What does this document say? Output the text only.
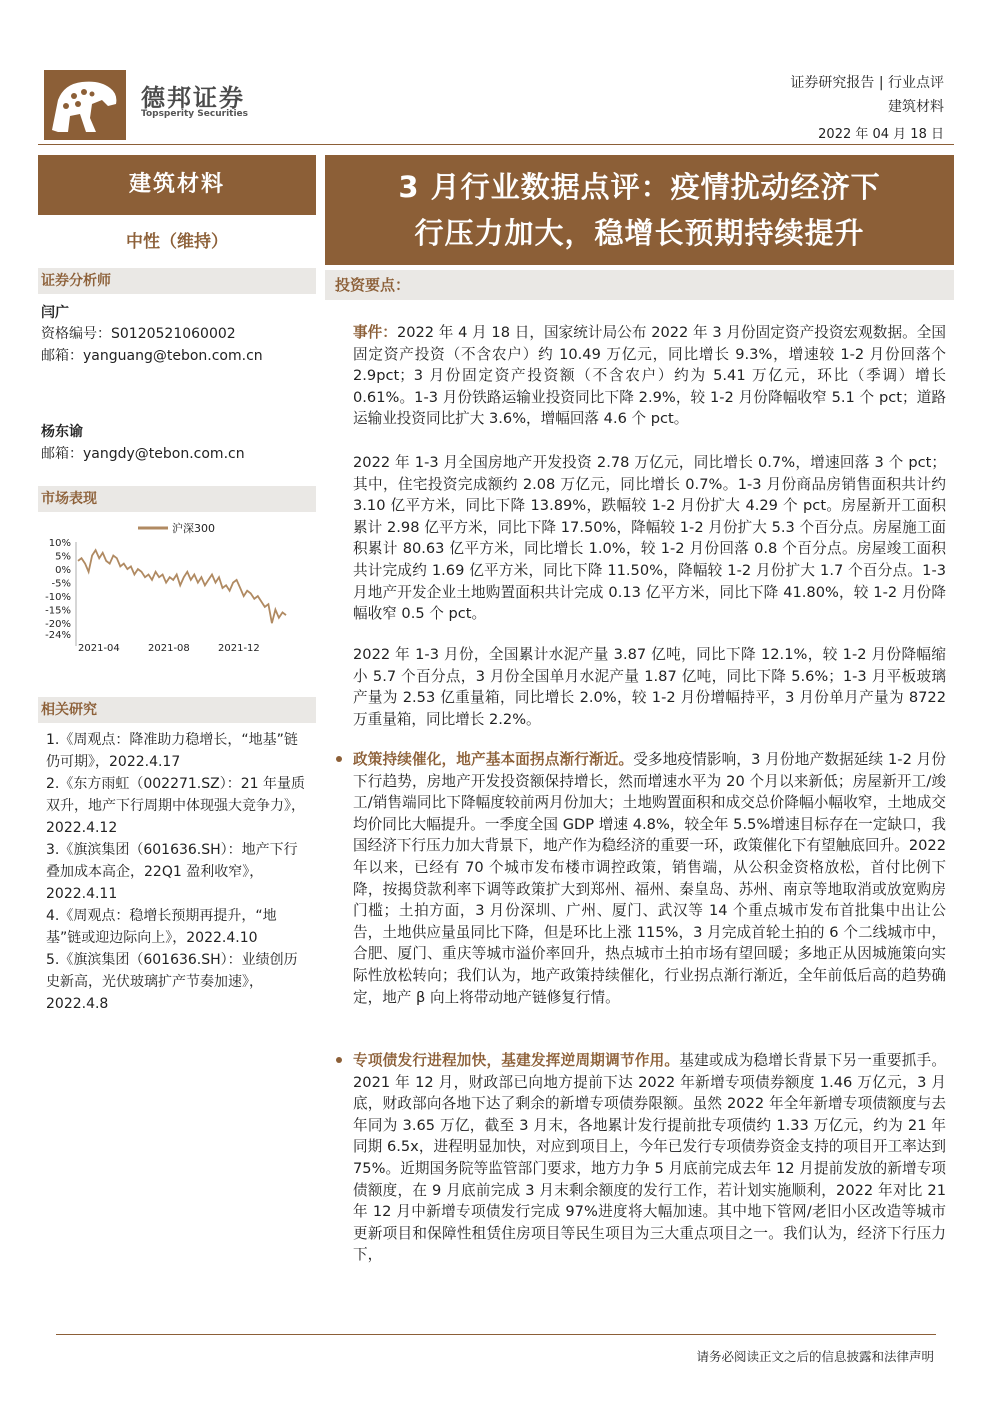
德邦证券
Topsperity Securities
证券研究报告 | 行业点评
建筑材料
2022 年 04 月 18 日
建筑材料
中性（维持）
证券分析师
闫广
资格编号：S0120521060002
邮箱：yanguang@tebon.com.cn
杨东谕
邮箱：yangdy@tebon.com.cn
市场表现
沪深300
10%
5%
0%
-5%
-10%
-15%
-20%
-24%
2021-04	2021-08	2021-12
相关研究
1.《周观点：降准助力稳增长，“地基”链仍可期》，2022.4.17
2.《东方雨虹（002271.SZ）：21 年量质双升，地产下行周期中体现强大竞争力》，2022.4.12
3.《旗滨集团（601636.SH）：地产下行叠加成本高企，22Q1 盈利收窄》，2022.4.11
4.《周观点：稳增长预期再提升，“地基”链或迎边际向上》，2022.4.10
5.《旗滨集团（601636.SH）：业绩创历史新高，光伏玻璃扩产节奏加速》，2022.4.8
3 月行业数据点评：疫情扰动经济下
行压力加大，稳增长预期持续提升
投资要点：
事件：2022 年 4 月 18 日，国家统计局公布 2022 年 3 月份固定资产投资宏观数据。全国固定资产投资（不含农户）约 10.49 万亿元，同比增长 9.3%，增速较 1-2 月份回落个 2.9pct；3 月份固定资产投资额（不含农户）约为 5.41 万亿元，环比（季调）增长 0.61%。1-3 月份铁路运输业投资同比下降 2.9%，较 1-2 月份降幅收窄 5.1 个 pct；道路运输业投资同比扩大 3.6%，增幅回落 4.6 个 pct。
2022 年 1-3 月全国房地产开发投资 2.78 万亿元，同比增长 0.7%，增速回落 3 个 pct；其中，住宅投资完成额约 2.08 万亿元，同比增长 0.7%。1-3 月份商品房销售面积共计约 3.10 亿平方米，同比下降 13.89%，跌幅较 1-2 月份扩大 4.29 个 pct。房屋新开工面积累计 2.98 亿平方米，同比下降 17.50%，降幅较 1-2 月份扩大 5.3 个百分点。房屋施工面积累计 80.63 亿平方米，同比增长 1.0%，较 1-2 月份回落 0.8 个百分点。房屋竣工面积共计完成约 1.69 亿平方米，同比下降 11.50%，降幅较 1-2 月份扩大 1.7 个百分点。1-3 月地产开发企业土地购置面积共计完成 0.13 亿平方米，同比下降 41.80%，较 1-2 月份降幅收窄 0.5 个 pct。
2022 年 1-3 月份，全国累计水泥产量 3.87 亿吨，同比下降 12.1%，较 1-2 月份降幅缩小 5.7 个百分点，3 月份全国单月水泥产量 1.87 亿吨，同比下降 5.6%；1-3 月平板玻璃产量为 2.53 亿重量箱，同比增长 2.0%，较 1-2 月份增幅持平，3 月份单月产量为 8722 万重量箱，同比增长 2.2%。
政策持续催化，地产基本面拐点渐行渐近。受多地疫情影响，3 月份地产数据延续 1-2 月份下行趋势，房地产开发投资额保持增长，然而增速水平为 20 个月以来新低；房屋新开工/竣工/销售端同比下降幅度较前两月份加大；土地购置面积和成交总价降幅小幅收窄，土地成交均价同比大幅提升。一季度全国 GDP 增速 4.8%，较全年 5.5%增速目标存在一定缺口，我国经济下行压力加大背景下，地产作为稳经济的重要一环，政策催化下有望触底回升。2022 年以来，已经有 70 个城市发布楼市调控政策，销售端，从公积金资格放松，首付比例下降，按揭贷款利率下调等政策扩大到郑州、福州、秦皇岛、苏州、南京等地取消或放宽购房门槛；土拍方面，3 月份深圳、广州、厦门、武汉等 14 个重点城市发布首批集中出让公告，土地供应量虽同比下降，但是环比上涨 115%，3 月完成首轮土拍的 6 个二线城市中，合肥、厦门、重庆等城市溢价率回升，热点城市土拍市场有望回暖；多地正从因城施策向实际性放松转向；我们认为，地产政策持续催化，行业拐点渐行渐近，全年前低后高的趋势确定，地产 β 向上将带动地产链修复行情。
专项债发行进程加快，基建发挥逆周期调节作用。基建或成为稳增长背景下另一重要抓手。2021 年 12 月，财政部已向地方提前下达 2022 年新增专项债券额度 1.46 万亿元，3 月底，财政部向各地下达了剩余的新增专项债券限额。虽然 2022 年全年新增专项债额度与去年同为 3.65 万亿，截至 3 月末，各地累计发行提前批专项债约 1.33 万亿元，约为 21 年同期 6.5x，进程明显加快，对应到项目上，今年已发行专项债券资金支持的项目开工率达到 75%。近期国务院等监管部门要求，地方力争 5 月底前完成去年 12 月提前发放的新增专项债额度，在 9 月底前完成 3 月末剩余额度的发行工作，若计划实施顺利，2022 年对比 21 年 12 月中新增专项债发行完成 97%进度将大幅加速。其中地下管网/老旧小区改造等城市更新项目和保障性租赁住房项目等民生项目为三大重点项目之一。我们认为，经济下行压力下，
请务必阅读正文之后的信息披露和法律声明
